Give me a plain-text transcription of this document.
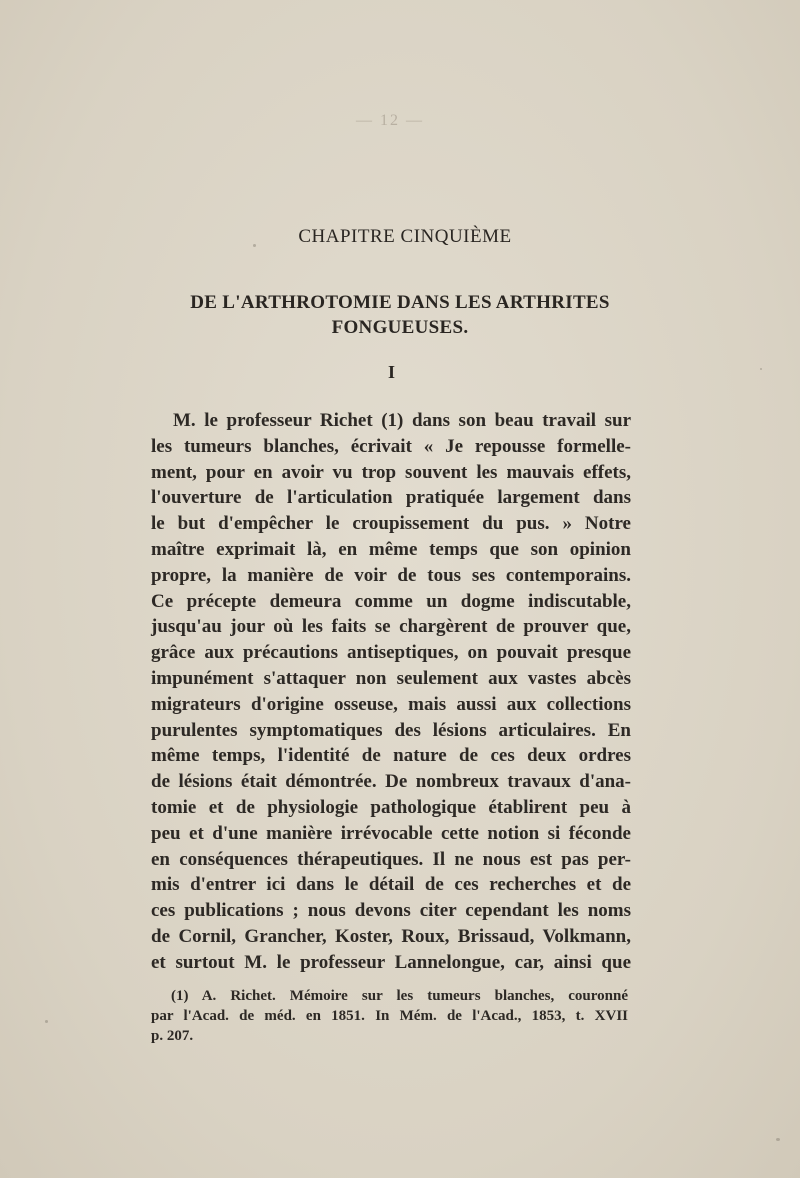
— 12 —
CHAPITRE CINQUIÈME
DE L'ARTHROTOMIE DANS LES ARTHRITES
FONGUEUSES.
I
M. le professeur Richet (1) dans son beau travail sur
les tumeurs blanches, écrivait « Je repousse formelle-
ment, pour en avoir vu trop souvent les mauvais effets,
l'ouverture de l'articulation pratiquée largement dans
le but d'empêcher le croupissement du pus. » Notre
maître exprimait là, en même temps que son opinion
propre, la manière de voir de tous ses contemporains.
Ce précepte demeura comme un dogme indiscutable,
jusqu'au jour où les faits se chargèrent de prouver que,
grâce aux précautions antiseptiques, on pouvait presque
impunément s'attaquer non seulement aux vastes abcès
migrateurs d'origine osseuse, mais aussi aux collections
purulentes symptomatiques des lésions articulaires. En
même temps, l'identité de nature de ces deux ordres
de lésions était démontrée. De nombreux travaux d'ana-
tomie et de physiologie pathologique établirent peu à
peu et d'une manière irrévocable cette notion si féconde
en conséquences thérapeutiques. Il ne nous est pas per-
mis d'entrer ici dans le détail de ces recherches et de
ces publications ; nous devons citer cependant les noms
de Cornil, Grancher, Koster, Roux, Brissaud, Volkmann,
et surtout M. le professeur Lannelongue, car, ainsi que
(1) A. Richet. Mémoire sur les tumeurs blanches, couronné
par l'Acad. de méd. en 1851. In Mém. de l'Acad., 1853, t. XVII
p. 207.
